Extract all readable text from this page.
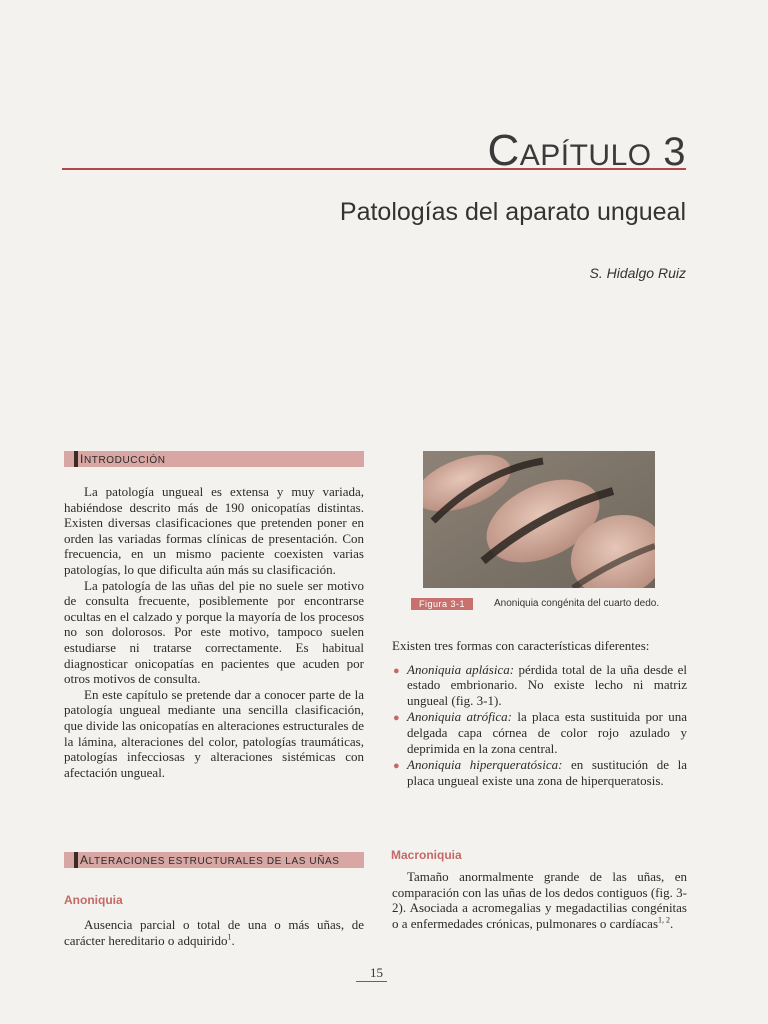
CAPÍTULO 3
Patologías del aparato ungueal
S. Hidalgo Ruiz
INTRODUCCIÓN

La patología ungueal es extensa y muy variada, habiéndose descrito más de 190 onicopatías distintas. Existen diversas clasificaciones que pretenden poner en orden las variadas formas clínicas de presentación. Con frecuencia, en un mismo paciente coexisten varias patologías, lo que dificulta aún más su clasificación.

La patología de las uñas del pie no suele ser motivo de consulta frecuente, posiblemente por encontrarse ocultas en el calzado y porque la mayoría de los procesos no son dolorosos. Por este motivo, tampoco suelen estudiarse ni tratarse correctamente. Es habitual diagnosticar onicopatías en pacientes que acuden por otros motivos de consulta.

En este capítulo se pretende dar a conocer parte de la patología ungueal mediante una sencilla clasificación, que divide las onicopatías en alteraciones estructurales de la lámina, alteraciones del color, patologías traumáticas, patologías infecciosas y alteraciones sistémicas con afectación ungueal.

ALTERACIONES ESTRUCTURALES DE LAS UÑAS
Anoniquia

Ausencia parcial o total de una o más uñas, de carácter hereditario o adquirido$^1$.

Figura 3-1	Anoniquia congénita del cuarto dedo.

Existen tres formas con características diferentes:

● Anoniquia aplásica: pérdida total de la uña desde el estado embrionario. No existe lecho ni matriz ungueal (fig. 3-1).
● Anoniquia atrófica: la placa esta sustituida por una delgada capa córnea de color rojo azulado y deprimida en la zona central.
● Anoniquia hiperqueratósica: en sustitución de la placa ungueal existe una zona de hiperqueratosis.
Macroniquia

Tamaño anormalmente grande de las uñas, en comparación con las uñas de los dedos contiguos (fig. 3-2). Asociada a acromegalias y megadactilias congénitas o a enfermedades crónicas, pulmonares o cardíacas$^{1, 2}$.

15
